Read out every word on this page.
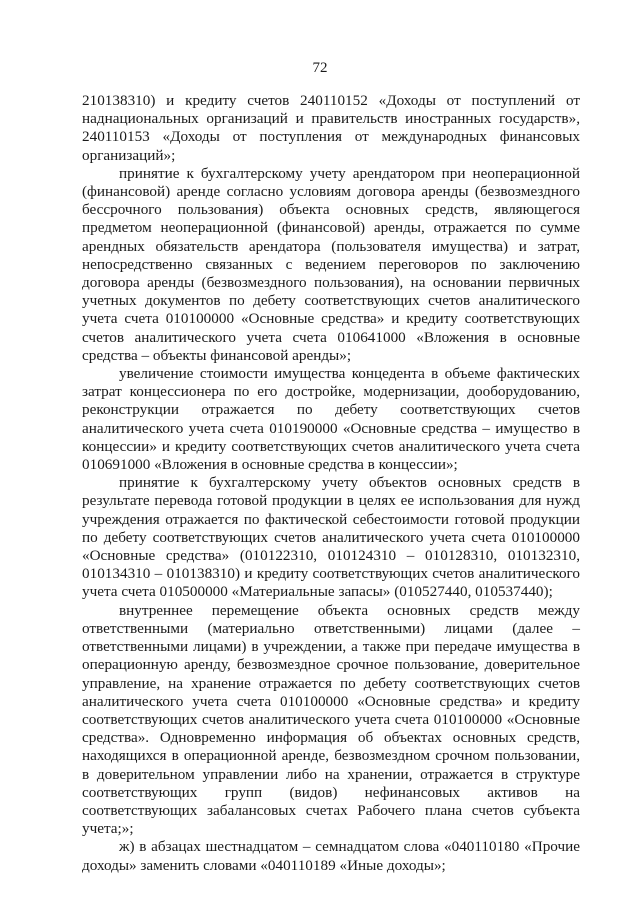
72

210138310) и кредиту счетов 240110152 «Доходы от поступлений от наднациональных организаций и правительств иностранных государств», 240110153 «Доходы от поступления от международных финансовых организаций»;

принятие к бухгалтерскому учету арендатором при неоперационной (финансовой) аренде согласно условиям договора аренды (безвозмездного бессрочного пользования) объекта основных средств, являющегося предметом неоперационной (финансовой) аренды, отражается по сумме арендных обязательств арендатора (пользователя имущества) и затрат, непосредственно связанных с ведением переговоров по заключению договора аренды (безвозмездного пользования), на основании первичных учетных документов по дебету соответствующих счетов аналитического учета счета 010100000 «Основные средства» и кредиту соответствующих счетов аналитического учета счета 010641000 «Вложения в основные средства – объекты финансовой аренды»;

увеличение стоимости имущества концедента в объеме фактических затрат концессионера по его достройке, модернизации, дооборудованию, реконструкции отражается по дебету соответствующих счетов аналитического учета счета 010190000 «Основные средства – имущество в концессии» и кредиту соответствующих счетов аналитического учета счета 010691000 «Вложения в основные средства в концессии»;

принятие к бухгалтерскому учету объектов основных средств в результате перевода готовой продукции в целях ее использования для нужд учреждения отражается по фактической себестоимости готовой продукции по дебету соответствующих счетов аналитического учета счета 010100000 «Основные средства» (010122310, 010124310 – 010128310, 010132310, 010134310 – 010138310) и кредиту соответствующих счетов аналитического учета счета 010500000 «Материальные запасы» (010527440, 010537440);

внутреннее перемещение объекта основных средств между ответственными (материально ответственными) лицами (далее – ответственными лицами) в учреждении, а также при передаче имущества в операционную аренду, безвозмездное срочное пользование, доверительное управление, на хранение отражается по дебету соответствующих счетов аналитического учета счета 010100000 «Основные средства» и кредиту соответствующих счетов аналитического учета счета 010100000 «Основные средства». Одновременно информация об объектах основных средств, находящихся в операционной аренде, безвозмездном срочном пользовании, в доверительном управлении либо на хранении, отражается в структуре соответствующих групп (видов) нефинансовых активов на соответствующих забалансовых счетах Рабочего плана счетов субъекта учета;»;

ж) в абзацах шестнадцатом – семнадцатом слова «040110180 «Прочие доходы» заменить словами «040110189 «Иные доходы»;
